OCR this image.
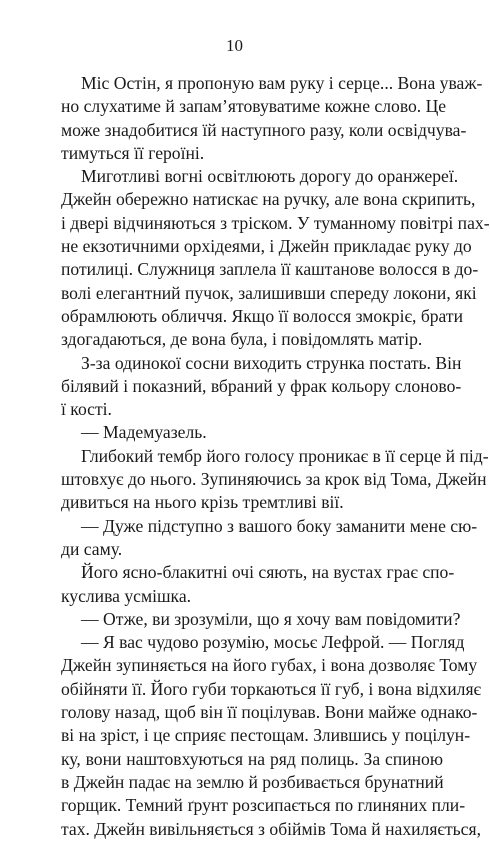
10
Міс Остін, я пропоную вам руку і серце... Вона уваж-
но слухатиме й запам’ятовуватиме кожне слово. Це
може знадобитися їй наступного разу, коли освідчува-
тимуться її героїні.
Миготливі вогні освітлюють дорогу до оранжереї.
Джейн обережно натискає на ручку, але вона скрипить,
і двері відчиняються з тріском. У туманному повітрі пах-
не екзотичними орхідеями, і Джейн прикладає руку до
потилиці. Служниця заплела її каштанове волосся в до-
волі елегантний пучок, залишивши спереду локони, які
обрамлюють обличчя. Якщо її волосся змокріє, брати
здогадаються, де вона була, і повідомлять матір.
З-за одинокої сосни виходить струнка постать. Він
білявий і показний, вбраний у фрак кольору слоново-
ї кості.
— Мадемуазель.
Глибокий тембр його голосу проникає в її серце й під-
штовхує до нього. Зупиняючись за крок від Тома, Джейн
дивиться на нього крізь тремтливі вії.
— Дуже підступно з вашого боку заманити мене сю-
ди саму.
Його ясно-блакитні очі сяють, на вустах грає спо-
куслива усмішка.
— Отже, ви зрозуміли, що я хочу вам повідомити?
— Я вас чудово розумію, мосьє Лефрой. — Погляд
Джейн зупиняється на його губах, і вона дозволяє Тому
обійняти її. Його губи торкаються її губ, і вона відхиляє
голову назад, щоб він її поцілував. Вони майже однако-
ві на зріст, і це сприяє пестощам. Злившись у поцілун-
ку, вони наштовхуються на ряд полиць. За спиною
в Джейн падає на землю й розбивається брунатний
горщик. Темний ґрунт розсипається по глиняних пли-
тах. Джейн вивільняється з обіймів Тома й нахиляється,
